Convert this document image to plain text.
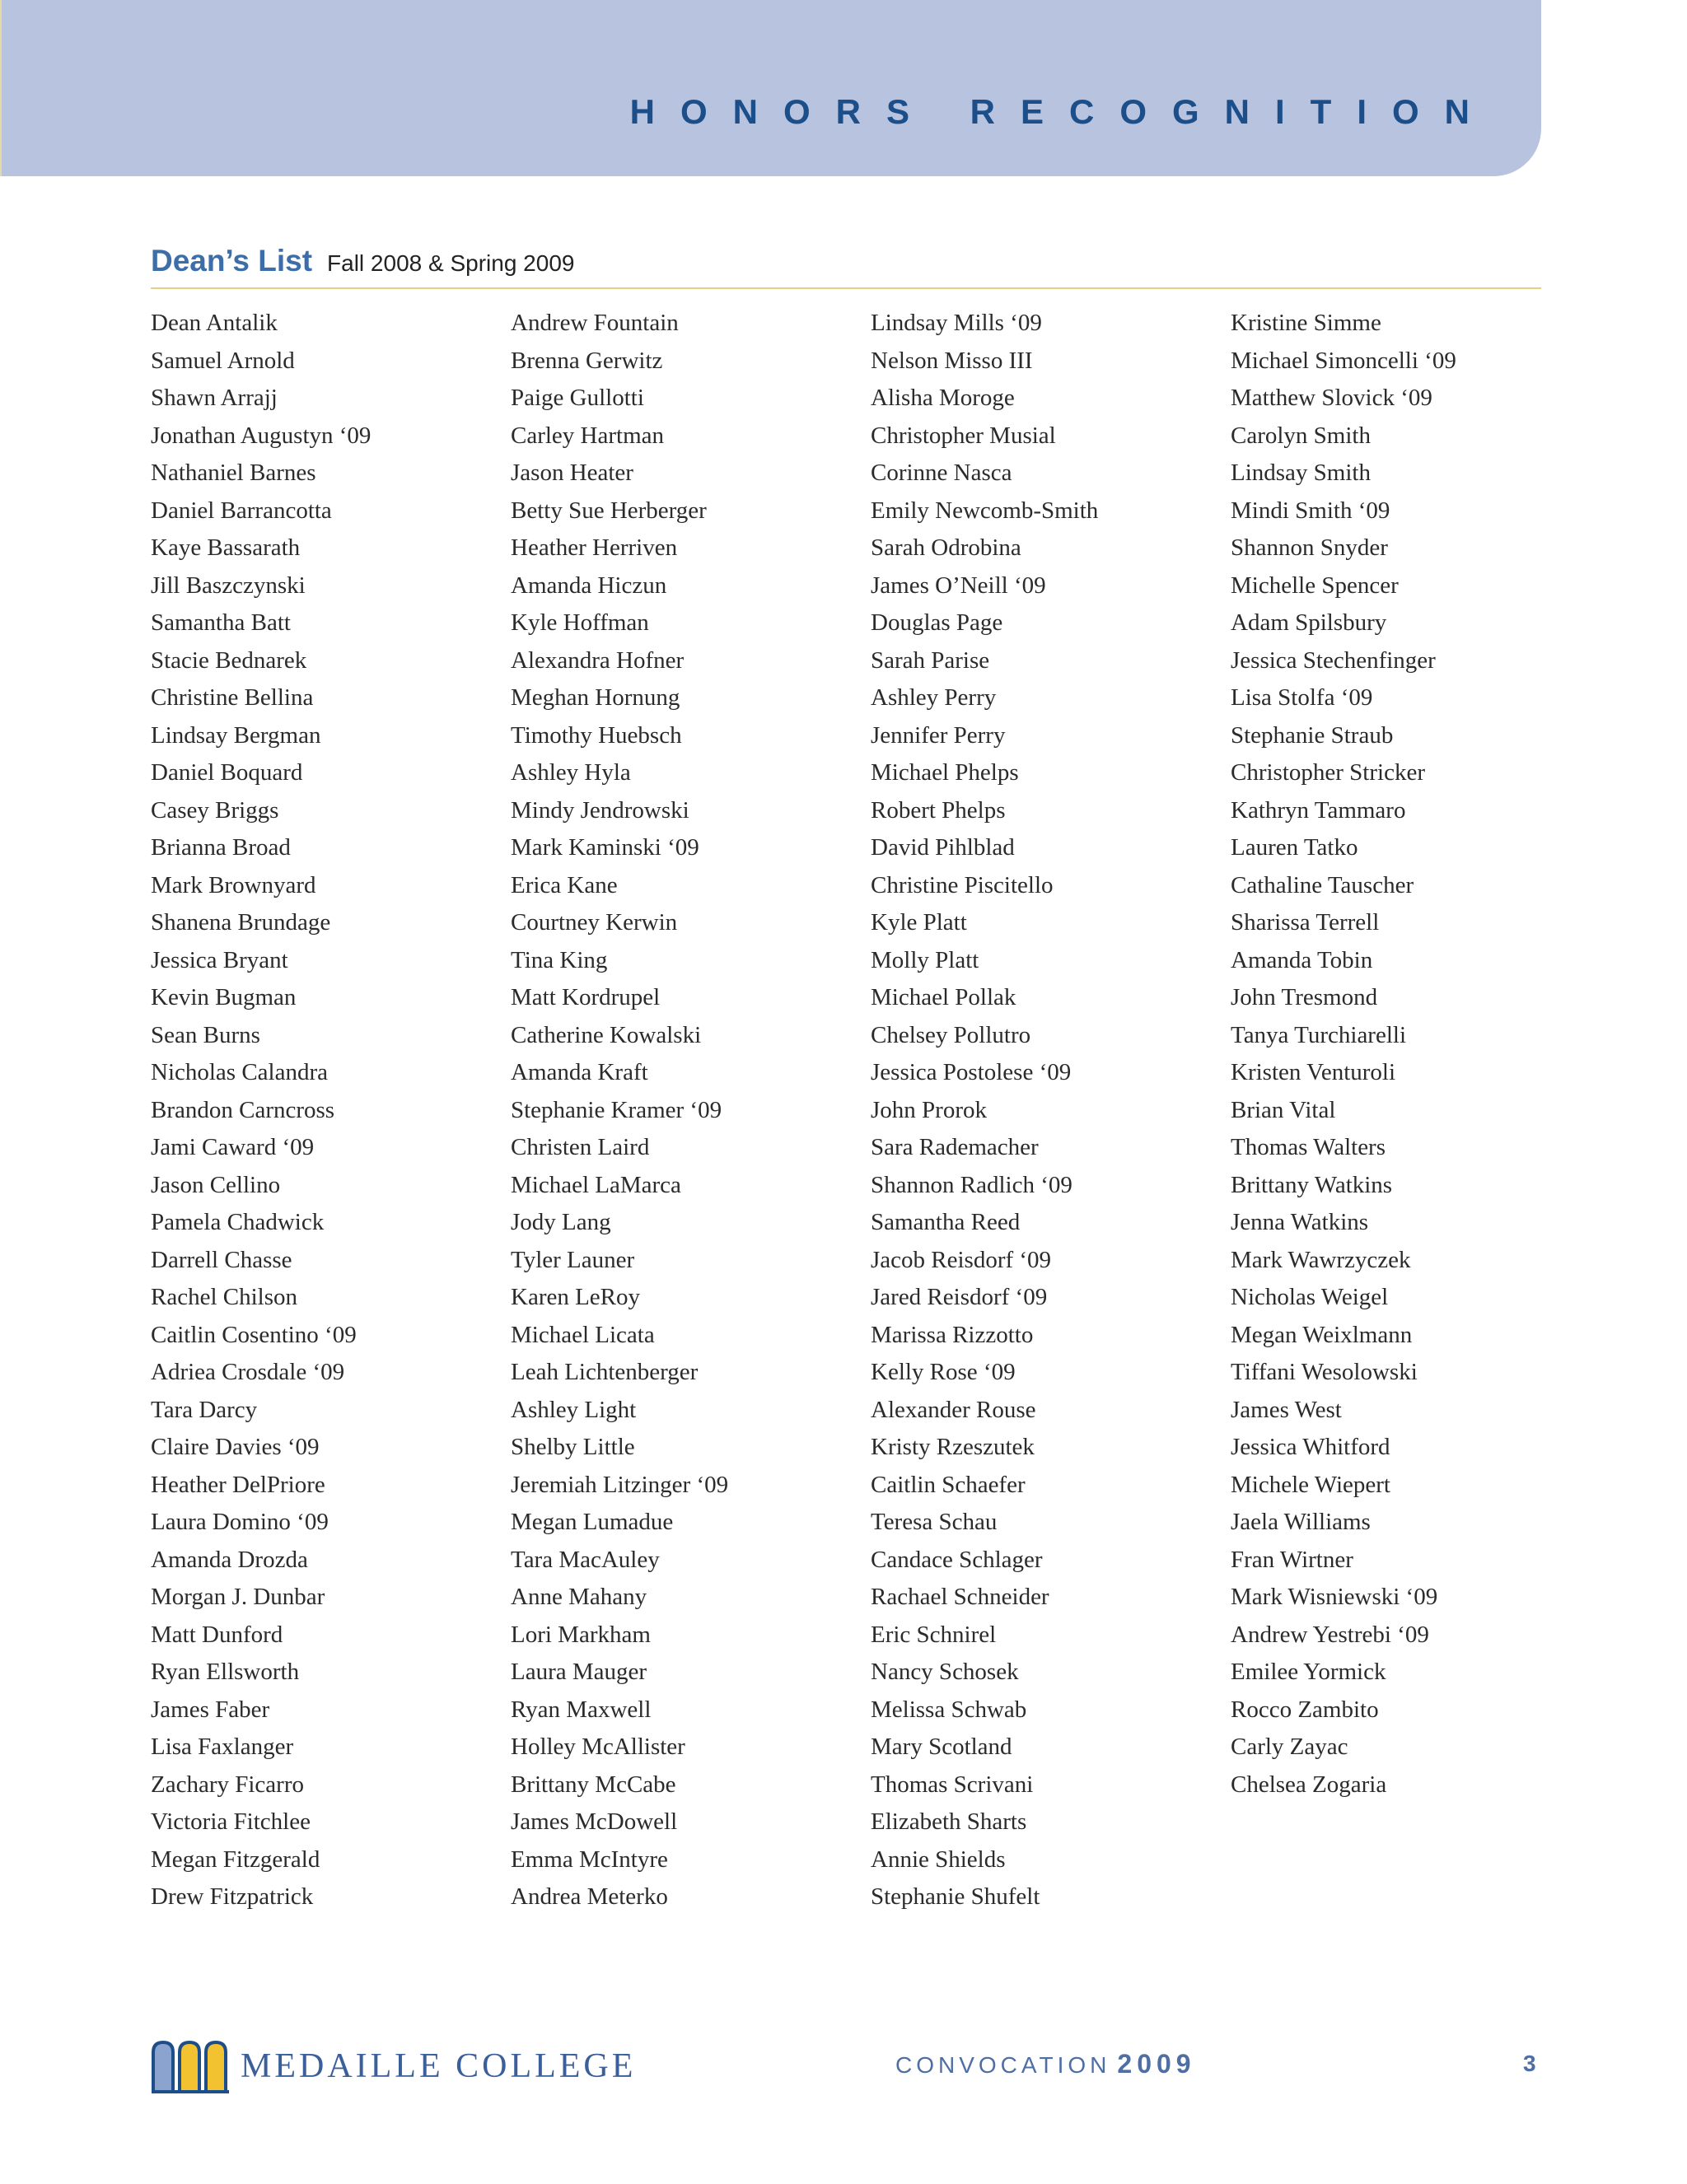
HONORS RECOGNITION
Dean’s List Fall 2008 & Spring 2009
Dean Antalik
Samuel Arnold
Shawn Arrajj
Jonathan Augustyn ‘09
Nathaniel Barnes
Daniel Barrancotta
Kaye Bassarath
Jill Baszczynski
Samantha Batt
Stacie Bednarek
Christine Bellina
Lindsay Bergman
Daniel Boquard
Casey Briggs
Brianna Broad
Mark Brownyard
Shanena Brundage
Jessica Bryant
Kevin Bugman
Sean Burns
Nicholas Calandra
Brandon Carncross
Jami Caward ‘09
Jason Cellino
Pamela Chadwick
Darrell Chasse
Rachel Chilson
Caitlin Cosentino ‘09
Adriea Crosdale ‘09
Tara Darcy
Claire Davies ‘09
Heather DelPriore
Laura Domino ‘09
Amanda Drozda
Morgan J. Dunbar
Matt Dunford
Ryan Ellsworth
James Faber
Lisa Faxlanger
Zachary Ficarro
Victoria Fitchlee
Megan Fitzgerald
Drew Fitzpatrick
Andrew Fountain
Brenna Gerwitz
Paige Gullotti
Carley Hartman
Jason Heater
Betty Sue Herberger
Heather Herriven
Amanda Hiczun
Kyle Hoffman
Alexandra Hofner
Meghan Hornung
Timothy Huebsch
Ashley Hyla
Mindy Jendrowski
Mark Kaminski ‘09
Erica Kane
Courtney Kerwin
Tina King
Matt Kordrupel
Catherine Kowalski
Amanda Kraft
Stephanie Kramer ‘09
Christen Laird
Michael LaMarca
Jody Lang
Tyler Launer
Karen LeRoy
Michael Licata
Leah Lichtenberger
Ashley Light
Shelby Little
Jeremiah Litzinger ‘09
Megan Lumadue
Tara MacAuley
Anne Mahany
Lori Markham
Laura Mauger
Ryan Maxwell
Holley McAllister
Brittany McCabe
James McDowell
Emma McIntyre
Andrea Meterko
Lindsay Mills ‘09
Nelson Misso III
Alisha Moroge
Christopher Musial
Corinne Nasca
Emily Newcomb-Smith
Sarah Odrobina
James O’Neill ‘09
Douglas Page
Sarah Parise
Ashley Perry
Jennifer Perry
Michael Phelps
Robert Phelps
David Pihlblad
Christine Piscitello
Kyle Platt
Molly Platt
Michael Pollak
Chelsey Pollutro
Jessica Postolese ‘09
John Prorok
Sara Rademacher
Shannon Radlich ‘09
Samantha Reed
Jacob Reisdorf ‘09
Jared Reisdorf ‘09
Marissa Rizzotto
Kelly Rose ‘09
Alexander Rouse
Kristy Rzeszutek
Caitlin Schaefer
Teresa Schau
Candace Schlager
Rachael Schneider
Eric Schnirel
Nancy Schosek
Melissa Schwab
Mary Scotland
Thomas Scrivani
Elizabeth Sharts
Annie Shields
Stephanie Shufelt
Kristine Simme
Michael Simoncelli ‘09
Matthew Slovick ‘09
Carolyn Smith
Lindsay Smith
Mindi Smith ‘09
Shannon Snyder
Michelle Spencer
Adam Spilsbury
Jessica Stechenfinger
Lisa Stolfa ‘09
Stephanie Straub
Christopher Stricker
Kathryn Tammaro
Lauren Tatko
Cathaline Tauscher
Sharissa Terrell
Amanda Tobin
John Tresmond
Tanya Turchiarelli
Kristen Venturoli
Brian Vital
Thomas Walters
Brittany Watkins
Jenna Watkins
Mark Wawrzyczek
Nicholas Weigel
Megan Weixlmann
Tiffani Wesolowski
James West
Jessica Whitford
Michele Wiepert
Jaela Williams
Fran Wirtner
Mark Wisniewski ‘09
Andrew Yestrebi ‘09
Emilee Yormick
Rocco Zambito
Carly Zayac
Chelsea Zogaria
MEDAILLE COLLEGE	CONVOCATION 2009	3
